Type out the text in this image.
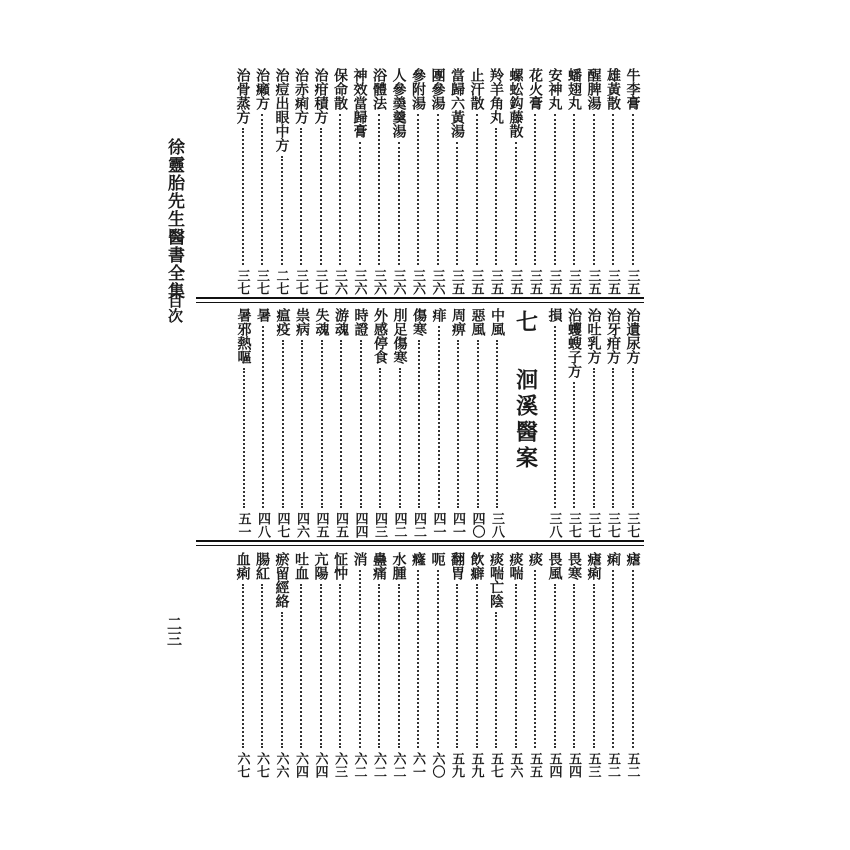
徐靈胎先生醫書全集
目次
二三
牛李膏
三五
雄黃散
三五
醒脾湯
三五
蟠翅丸
三五
安神丸
三五
花火膏
三五
螺蚣鈎藤散
三五
羚羊角丸
三五
止汗散
三五
當歸六黃湯
三五
團參湯
三六
參附湯
三六
人參羮羹湯
三六
浴體法
三六
神效當歸膏
三六
保命散
三六
治疳積方
三七
治赤痢方
三七
治痘出眼中方
二七
治癩方
三七
治骨蒸方
三七
治遺尿方
三七
治牙疳方
三七
治吐乳方
三七
治蠼螋子方
三七
損
三八
七
洄溪醫案
中風
三八
惡風
四〇
周痹
四一
痱
四一
傷寒
四二
刖足傷寒
四二
外感停食
四三
時證
四四
游魂
四五
失魂
四五
祟病
四六
瘟疫
四七
暑
四八
暑邪熱嘔
五一
瘧
五二
痢
五二
瘧痢
五三
畏寒
五四
畏風
五四
痰
五五
痰喘
五六
痰喘亡陰
五七
飲癖
五九
翻胃
五九
呃
六〇
癃
六一
水腫
六二
蠱痛
六二
消
六二
怔忡
六三
亢陽
六四
吐血
六四
瘀留經絡
六六
腸紅
六七
血痢
六七
